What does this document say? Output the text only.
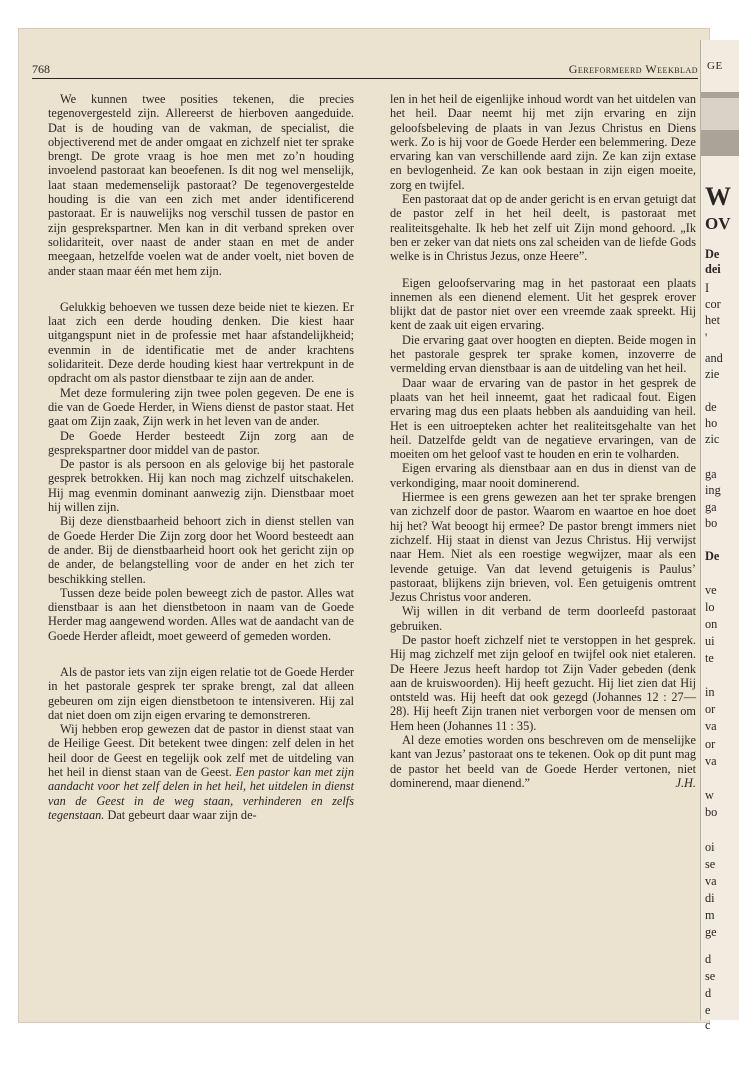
GE
W
OV
De
dei
I
cor
het
'
and
zie
de
ho
zic
ga
ing
ga
bo
De
ve
lo
on
ui
te
in
or
va
or
va
w
bo
oi
se
va
di
m
ge
d
se
d
e
c
768	Gereformeerd Weekblad

We kunnen twee posities tekenen, die precies tegenovergesteld zijn. Allereerst de hierboven aangeduide. Dat is de houding van de vakman, de specialist, die objectiverend met de ander omgaat en zichzelf niet ter sprake brengt. De grote vraag is hoe men met zo’n houding invoelend pastoraat kan beoefenen. Is dit nog wel menselijk, laat staan medemenselijk pastoraat? De tegenovergestelde houding is die van een zich met ander identificerend pastoraat. Er is nauwelijks nog verschil tussen de pastor en zijn gesprekspartner. Men kan in dit verband spreken over solidariteit, over naast de ander staan en met de ander meegaan, hetzelfde voelen wat de ander voelt, niet boven de ander staan maar één met hem zijn.

Gelukkig behoeven we tussen deze beide niet te kiezen. Er laat zich een derde houding denken. Die kiest haar uitgangspunt niet in de professie met haar afstandelijkheid; evenmin in de identificatie met de ander krachtens solidariteit. Deze derde houding kiest haar vertrekpunt in de opdracht om als pastor dienstbaar te zijn aan de ander.

Met deze formulering zijn twee polen gegeven. De ene is die van de Goede Herder, in Wiens dienst de pastor staat. Het gaat om Zijn zaak, Zijn werk in het leven van de ander.

De Goede Herder besteedt Zijn zorg aan de gesprekspartner door middel van de pastor.

De pastor is als persoon en als gelovige bij het pastorale gesprek betrokken. Hij kan noch mag zichzelf uitschakelen. Hij mag evenmin dominant aanwezig zijn. Dienstbaar moet hij willen zijn.

Bij deze dienstbaarheid behoort zich in dienst stellen van de Goede Herder Die Zijn zorg door het Woord besteedt aan de ander. Bij de dienstbaarheid hoort ook het gericht zijn op de ander, de belangstelling voor de ander en het zich ter beschikking stellen.

Tussen deze beide polen beweegt zich de pastor. Alles wat dienstbaar is aan het dienstbetoon in naam van de Goede Herder mag aangewend worden. Alles wat de aandacht van de Goede Herder afleidt, moet geweerd of gemeden worden.

Als de pastor iets van zijn eigen relatie tot de Goede Herder in het pastorale gesprek ter sprake brengt, zal dat alleen gebeuren om zijn eigen dienstbetoon te intensiveren. Hij zal dat niet doen om zijn eigen ervaring te demonstreren.

Wij hebben erop gewezen dat de pastor in dienst staat van de Heilige Geest. Dit betekent twee dingen: zelf delen in het heil door de Geest en tegelijk ook zelf met de uitdeling van het heil in dienst staan van de Geest. Een pastor kan met zijn aandacht voor het zelf delen in het heil, het uitdelen in dienst van de Geest in de weg staan, verhinderen en zelfs tegenstaan. Dat gebeurt daar waar zijn de-

len in het heil de eigenlijke inhoud wordt van het uitdelen van het heil. Daar neemt hij met zijn ervaring en zijn geloofsbeleving de plaats in van Jezus Christus en Diens werk. Zo is hij voor de Goede Herder een belemmering. Deze ervaring kan van verschillende aard zijn. Ze kan zijn extase en bevlogenheid. Ze kan ook bestaan in zijn eigen moeite, zorg en twijfel.

Een pastoraat dat op de ander gericht is en ervan getuigt dat de pastor zelf in het heil deelt, is pastoraat met realiteitsgehalte. Ik heb het zelf uit Zijn mond gehoord. „Ik ben er zeker van dat niets ons zal scheiden van de liefde Gods welke is in Christus Jezus, onze Heere”.

Eigen geloofservaring mag in het pastoraat een plaats innemen als een dienend element. Uit het gesprek erover blijkt dat de pastor niet over een vreemde zaak spreekt. Hij kent de zaak uit eigen ervaring.

Die ervaring gaat over hoogten en diepten. Beide mogen in het pastorale gesprek ter sprake komen, inzoverre de vermelding ervan dienstbaar is aan de uitdeling van het heil.

Daar waar de ervaring van de pastor in het gesprek de plaats van het heil inneemt, gaat het radicaal fout. Eigen ervaring mag dus een plaats hebben als aanduiding van heil. Het is een uitroepteken achter het realiteitsgehalte van het heil. Datzelfde geldt van de negatieve ervaringen, van de moeiten om het geloof vast te houden en erin te volharden.

Eigen ervaring als dienstbaar aan en dus in dienst van de verkondiging, maar nooit dominerend.

Hiermee is een grens gewezen aan het ter sprake brengen van zichzelf door de pastor. Waarom en waartoe en hoe doet hij het? Wat beoogt hij ermee? De pastor brengt immers niet zichzelf. Hij staat in dienst van Jezus Christus. Hij verwijst naar Hem. Niet als een roestige wegwijzer, maar als een levende getuige. Van dat levend getuigenis is Paulus’ pastoraat, blijkens zijn brieven, vol. Een getuigenis omtrent Jezus Christus voor anderen.

Wij willen in dit verband de term doorleefd pastoraat gebruiken.

De pastor hoeft zichzelf niet te verstoppen in het gesprek. Hij mag zichzelf met zijn geloof en twijfel ook niet etaleren. De Heere Jezus heeft hardop tot Zijn Vader gebeden (denk aan de kruiswoorden). Hij heeft gezucht. Hij liet zien dat Hij ontsteld was. Hij heeft dat ook gezegd (Johannes 12 : 27—28). Hij heeft Zijn tranen niet verborgen voor de mensen om Hem heen (Johannes 11 : 35).

Al deze emoties worden ons beschreven om de menselijke kant van Jezus’ pastoraat ons te tekenen. Ook op dit punt mag de pastor het beeld van de Goede Herder vertonen, niet dominerend, maar dienend.”	J.H.
